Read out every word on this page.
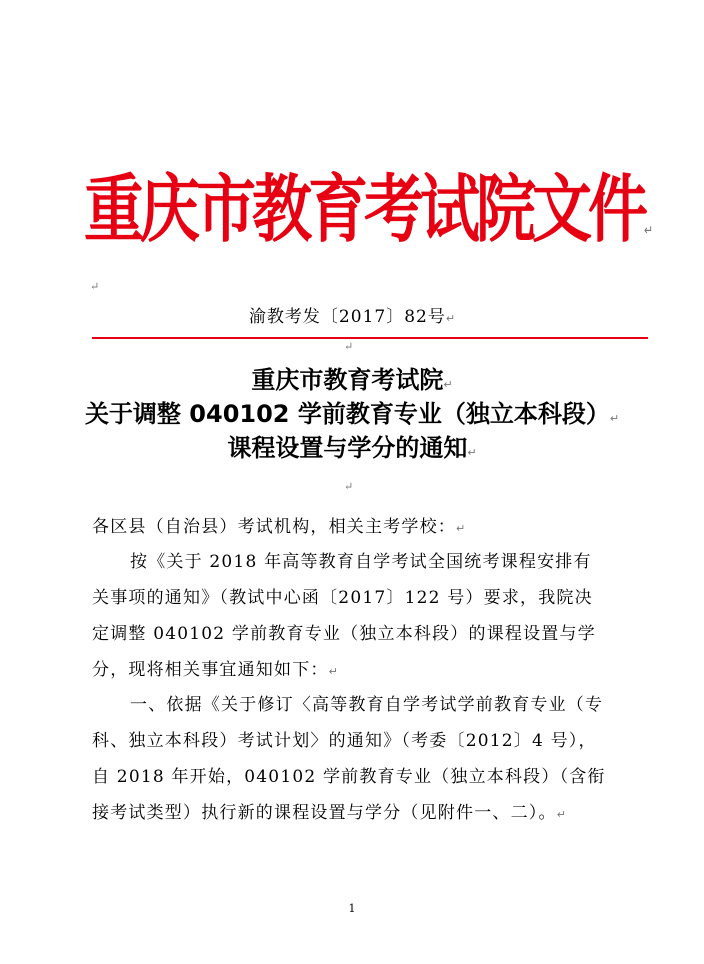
重庆市教育考试院文件↵
↵
渝教考发〔2017〕82号↵
↵
重庆市教育考试院↵
关于调整 040102 学前教育专业（独立本科段）↵
课程设置与学分的通知↵
↵
各区县（自治县）考试机构，相关主考学校：↵
按《关于 2018 年高等教育自学考试全国统考课程安排有
关事项的通知》（教试中心函〔2017〕122 号）要求，我院决
定调整 040102 学前教育专业（独立本科段）的课程设置与学
分，现将相关事宜通知如下：↵
一、依据《关于修订〈高等教育自学考试学前教育专业（专
科、独立本科段）考试计划〉的通知》（考委〔2012〕4 号），
自 2018 年开始，040102 学前教育专业（独立本科段）（含衔
接考试类型）执行新的课程设置与学分（见附件一、二）。↵
1
